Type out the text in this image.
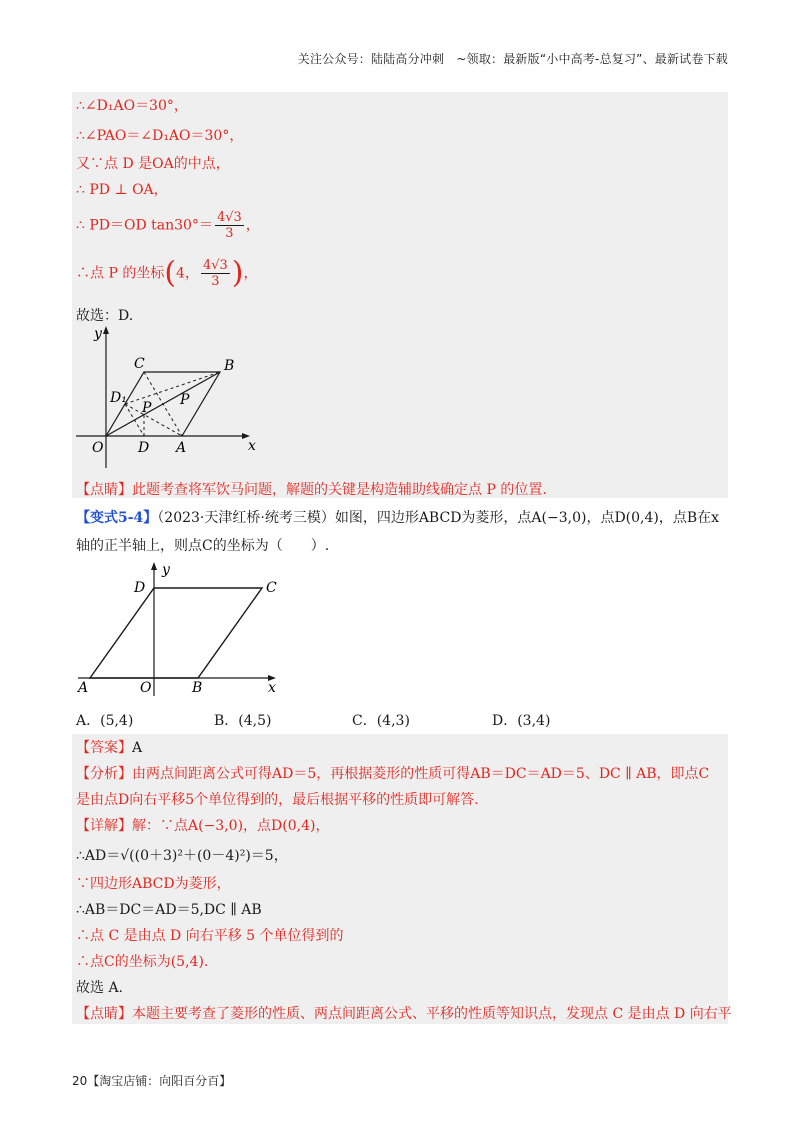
关注公众号：陆陆高分冲刺　~领取：最新版“小中高考-总复习”、最新试卷下载
∴∠D₁AO＝30°，
∴∠PAO＝∠D₁AO＝30°，
又∵点 D 是OA的中点，
∴ PD ⊥ OA，
∴ PD＝OD $\tan 30^\circ= \frac{4√3}{3}$ ，
∴点 P 的坐标(4， $\frac{4√3}{3}$ )，
故选：D.
y
x
O
C	B
D₁
P P
D A
【点睛】此题考查将军饮马问题，解题的关键是构造辅助线确定点 P 的位置.
【变式5-4】（2023·天津红桥·统考三模）如图，四边形ABCD为菱形，点A(−3,0)，点D(0,4)，点B在x
轴的正半轴上，则点C的坐标为（　　）.
y
x
D	C
A	O	B
A．(5,4)	B．(4,5)	C．(4,3)	D．(3,4)
【答案】A
【分析】由两点间距离公式可得AD＝5，再根据菱形的性质可得AB＝DC＝AD＝5、DC ∥ AB，即点C
是由点D向右平移5个单位得到的，最后根据平移的性质即可解答.
【详解】解：∵点A(−3,0)，点D(0,4)，
∴AD＝√((0＋3)²＋(0－4)²)＝5，
∵四边形ABCD为菱形，
∴AB＝DC＝AD＝5,DC ∥ AB
∴点 C 是由点 D 向右平移 5 个单位得到的
∴点C的坐标为(5,4).
故选 A.
【点睛】本题主要考查了菱形的性质、两点间距离公式、平移的性质等知识点，发现点 C 是由点 D 向右平
20【淘宝店铺：向阳百分百】
